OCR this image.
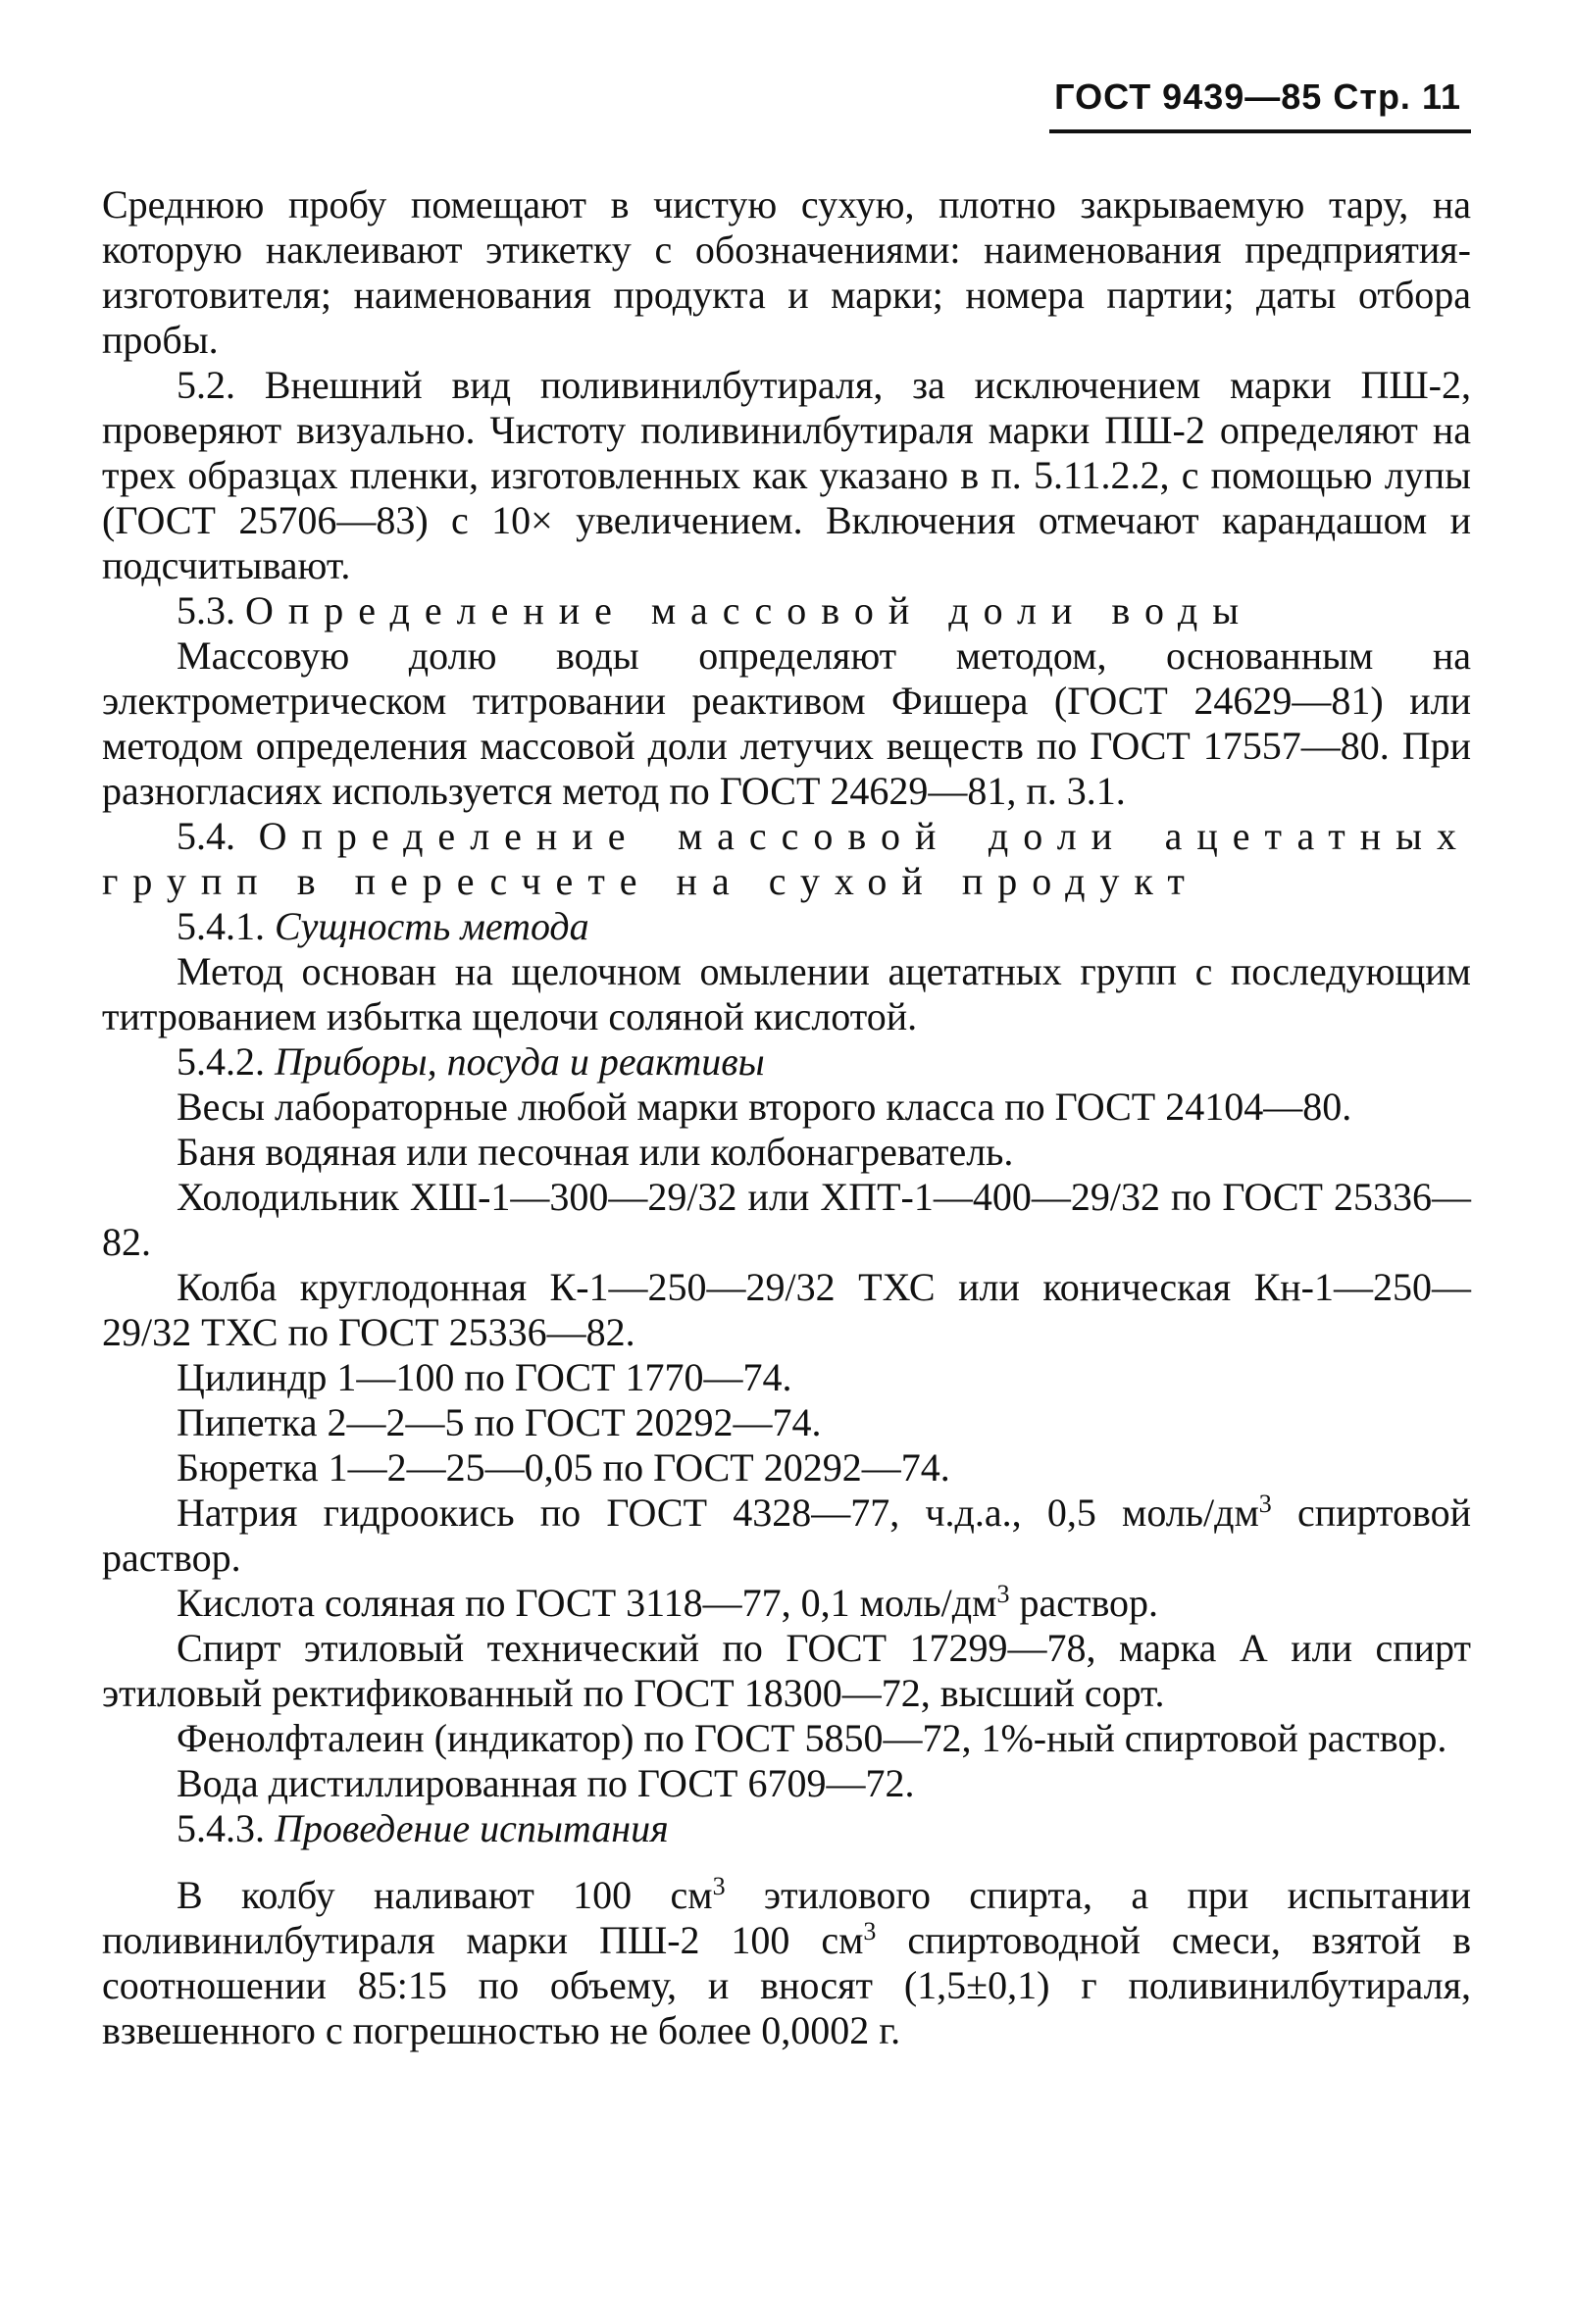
ГОСТ 9439—85 Стр. 11

Среднюю пробу помещают в чистую сухую, плотно закрываемую тару, на которую наклеивают этикетку с обозначениями: наименования предприятия-изготовителя; наименования продукта и марки; номера партии; даты отбора пробы.

5.2. Внешний вид поливинилбутираля, за исключением марки ПШ-2, проверяют визуально. Чистоту поливинилбутираля марки ПШ-2 определяют на трех образцах пленки, изготовленных как указано в п. 5.11.2.2, с помощью лупы (ГОСТ 25706—83) с 10× увеличением. Включения отмечают карандашом и подсчитывают.

5.3. Определение массовой доли воды

Массовую долю воды определяют методом, основанным на электрометрическом титровании реактивом Фишера (ГОСТ 24629—81) или методом определения массовой доли летучих веществ по ГОСТ 17557—80. При разногласиях используется метод по ГОСТ 24629—81, п. 3.1.

5.4. Определение массовой доли ацетатных групп в пересчете на сухой продукт

5.4.1. Сущность метода

Метод основан на щелочном омылении ацетатных групп с последующим титрованием избытка щелочи соляной кислотой.

5.4.2. Приборы, посуда и реактивы

Весы лабораторные любой марки второго класса по ГОСТ 24104—80.

Баня водяная или песочная или колбонагреватель.

Холодильник ХШ-1—300—29/32 или ХПТ-1—400—29/32 по ГОСТ 25336—82.

Колба круглодонная К-1—250—29/32 ТХС или коническая Кн-1—250—29/32 ТХС по ГОСТ 25336—82.

Цилиндр 1—100 по ГОСТ 1770—74.

Пипетка 2—2—5 по ГОСТ 20292—74.

Бюретка 1—2—25—0,05 по ГОСТ 20292—74.

Натрия гидроокись по ГОСТ 4328—77, ч.д.а., 0,5 моль/$дм^3$ спиртовой раствор.

Кислота соляная по ГОСТ 3118—77, 0,1 моль/$дм^3$ раствор.

Спирт этиловый технический по ГОСТ 17299—78, марка А или спирт этиловый ректификованный по ГОСТ 18300—72, высший сорт.

Фенолфталеин (индикатор) по ГОСТ 5850—72, 1%-ный спиртовой раствор.

Вода дистиллированная по ГОСТ 6709—72.

5.4.3. Проведение испытания

В колбу наливают 100 $см^3$ этилового спирта, а при испытании поливинилбутираля марки ПШ-2 100 $см^3$ спиртоводной смеси, взятой в соотношении 85:15 по объему, и вносят (1,5±0,1) г поливинилбутираля, взвешенного с погрешностью не более 0,0002 г.
